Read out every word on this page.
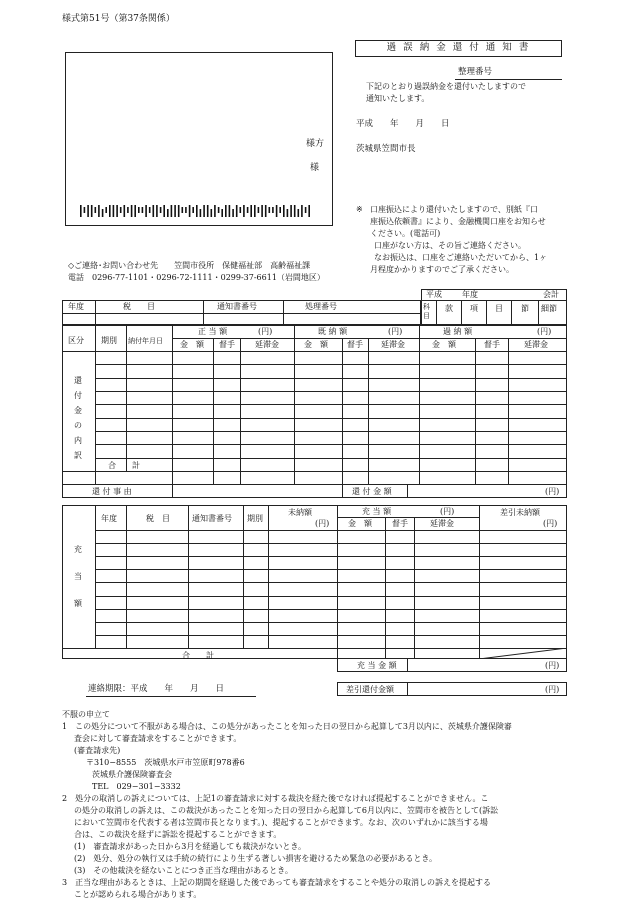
様式第51号（第37条関係）
様方
様
過 誤 納 金 還 付 通 知 書
整理番号
下記のとおり過誤納金を還付いたしますので
通知いたします。
平成　　年　　月　　日
茨城県笠間市長
※ 口座振込により還付いたしますので、別紙『口
座振込依頼書』により、金融機関口座をお知らせ
ください。(電話可)
口座がない方は、その旨ご連絡ください。
なお振込は、口座をご連絡いただいてから、1ヶ
月程度かかりますのでご了承ください。
◇ご連絡･お問い合わせ先　　笠間市役所　保健福祉部　高齢福祉課
電話　0296-77-1101・0296-72-1111・0299-37-6611（岩間地区）
平成	年度	会計
科目
款 項 目 節 細節
年度	税　　目	通知書番号	処理番号
区分 期別 納付年月日
正 当 額	(円)	既 納 額	(円)	過 納 額	(円)
金　額 督手	延滞金	金　額 督手 延滞金	金　額	督手	延滞金
還
付
金
の
内
訳
合　　計
還 付 事 由	還 付 金 額	(円)
年度	税　目	通知書番号 期別
未納額
(円)
充 当 額	(円)	差引未納額
(円)
金　額	督手	延滞金
充
当
額
合　　計
充 当 金 額	(円)
差引還付金額	(円)
連絡期限：平成　　年　　月　　日
不服の申立て
1　この処分について不服がある場合は、この処分があったことを知った日の翌日から起算して3月以内に、茨城県介護保険審
査会に対して審査請求をすることができます。
(審査請求先)
〒310−8555　茨城県水戸市笠原町978番6
茨城県介護保険審査会
TEL　029−301−3332
2　処分の取消しの訴えについては、上記1の審査請求に対する裁決を経た後でなければ提起することができません。こ
の処分の取消しの訴えは、この裁決があったことを知った日の翌日から起算して6月以内に、笠間市を被告として(訴訟
において笠間市を代表する者は笠間市長となります。)、提起することができます。なお、次のいずれかに該当する場
合は、この裁決を経ずに訴訟を提起することができます。
(1)　審査請求があった日から3月を経過しても裁決がないとき。
(2)　処分、処分の執行又は手続の続行により生ずる著しい損害を避けるため緊急の必要があるとき。
(3)　その他裁決を経ないことにつき正当な理由があるとき。
3　正当な理由があるときは、上記の期間を経過した後であっても審査請求をすることや処分の取消しの訴えを提起する
ことが認められる場合があります。
